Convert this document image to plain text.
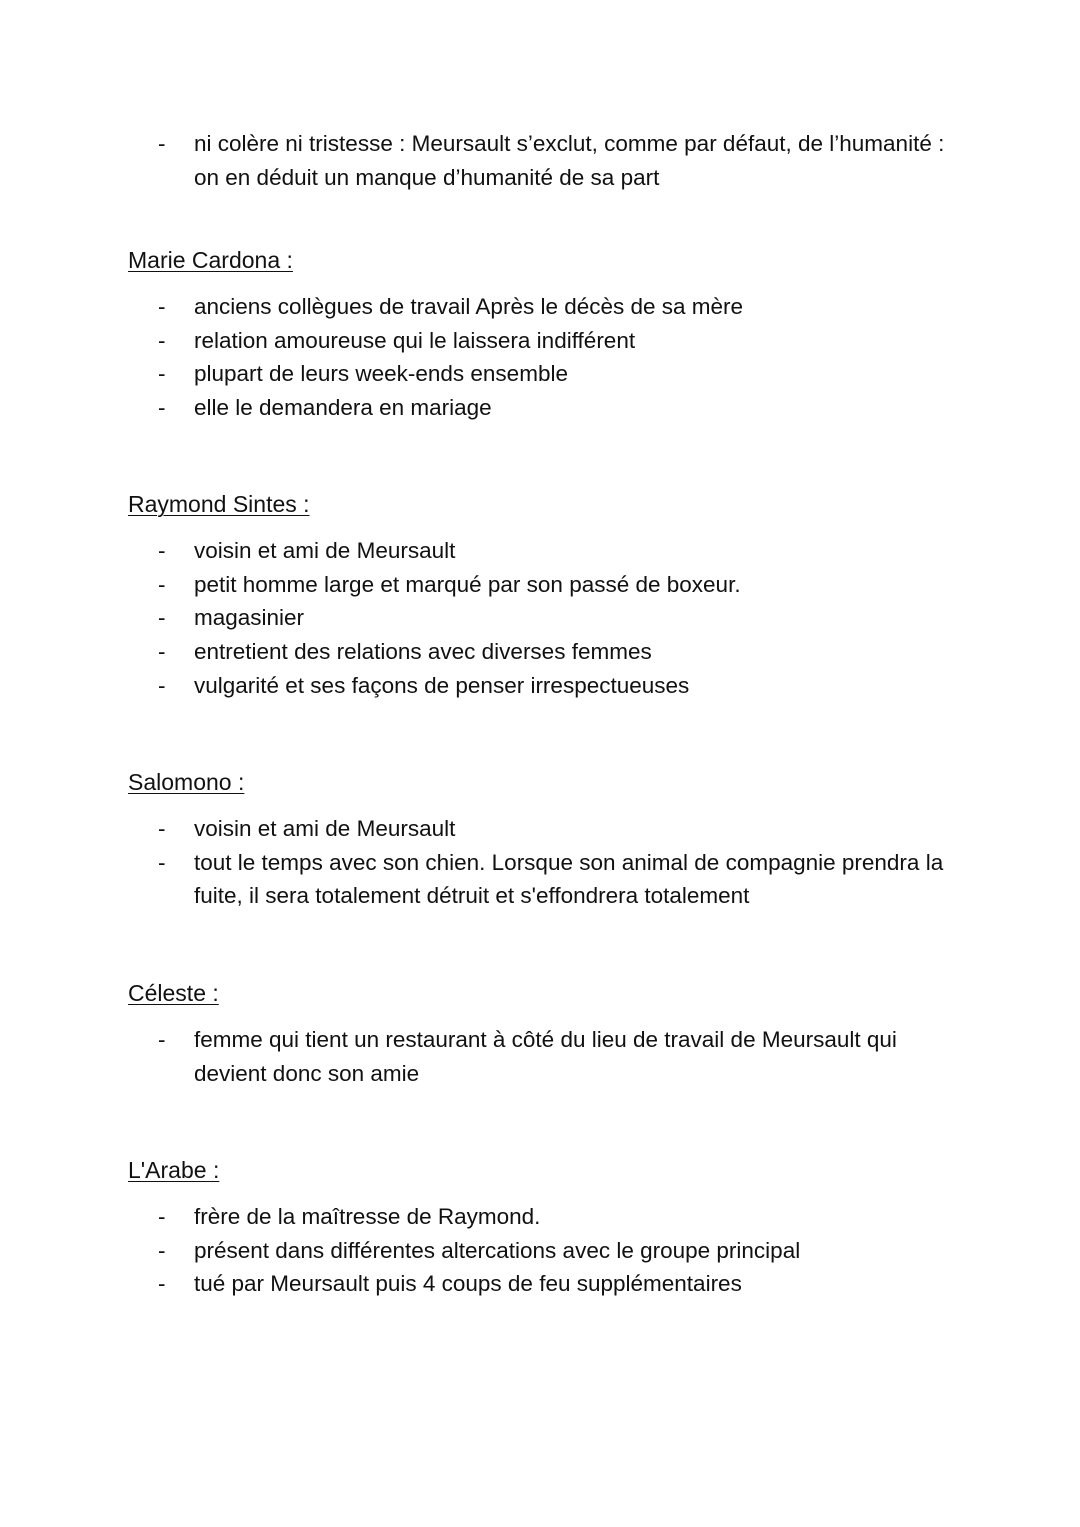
- ni colère ni tristesse : Meursault s’exclut, comme par défaut, de l’humanité : on en déduit un manque d’humanité de sa part
Marie Cardona :
- anciens collègues de travail Après le décès de sa mère
- relation amoureuse qui le laissera indifférent
- plupart de leurs week-ends ensemble
- elle le demandera en mariage
Raymond Sintes :
- voisin et ami de Meursault
- petit homme large et marqué par son passé de boxeur.
- magasinier
- entretient des relations avec diverses femmes
- vulgarité et ses façons de penser irrespectueuses
Salomono :
- voisin et ami de Meursault
- tout le temps avec son chien. Lorsque son animal de compagnie prendra la fuite, il sera totalement détruit et s'effondrera totalement
Céleste :
- femme qui tient un restaurant à côté du lieu de travail de Meursault qui devient donc son amie
L'Arabe :
- frère de la maîtresse de Raymond.
- présent dans différentes altercations avec le groupe principal
- tué par Meursault puis 4 coups de feu supplémentaires
